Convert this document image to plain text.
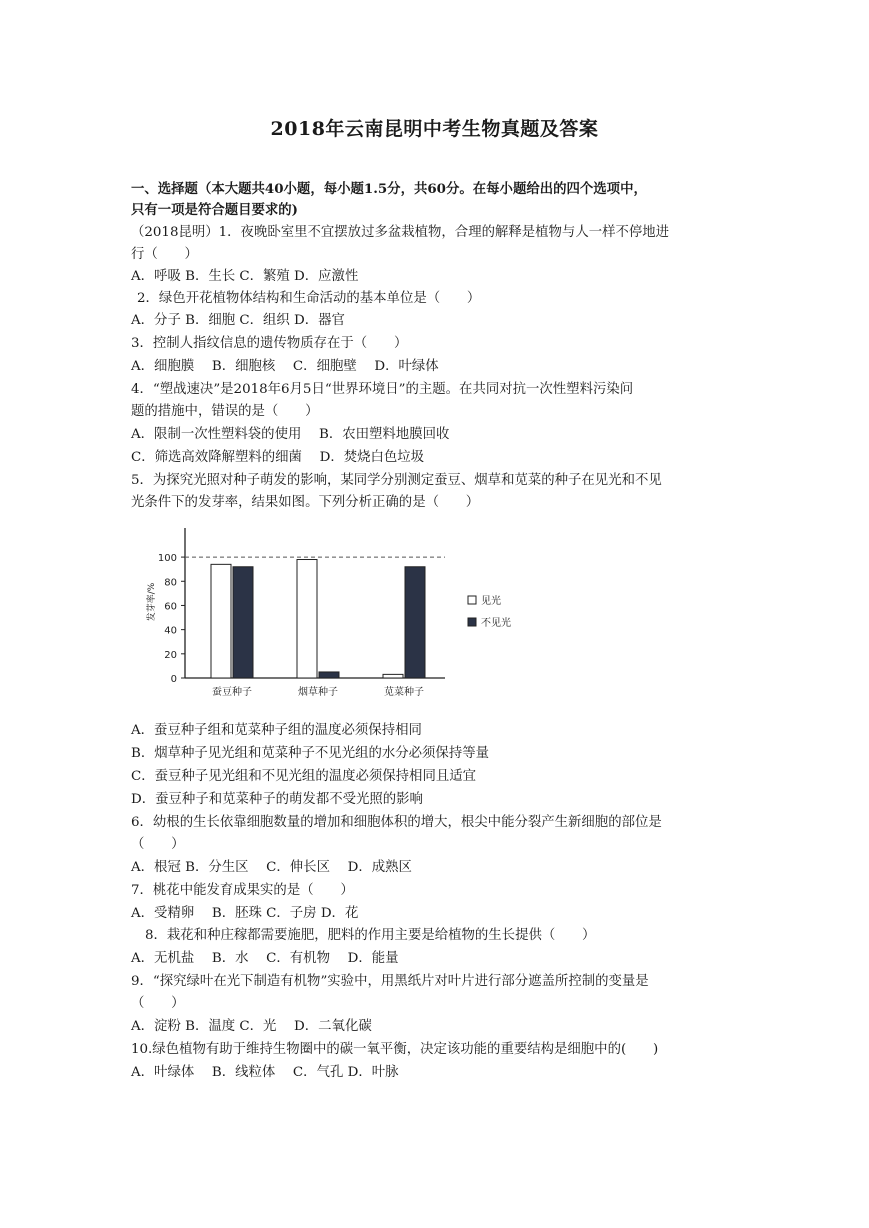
2018年云南昆明中考生物真题及答案
一、选择题（本大题共40小题，每小题1.5分，共60分。在每小题给出的四个选项中，
只有一项是符合题目要求的)
（2018昆明）1．夜晚卧室里不宜摆放过多盆栽植物，合理的解释是植物与人一样不停地进
行（　　）
A．呼吸 B．生长 C．繁殖 D．应激性
2．绿色开花植物体结构和生命活动的基本单位是（　　）
A．分子 B．细胞 C．组织 D．器官
3．控制人指纹信息的遗传物质存在于（　　）
A．细胞膜　 B．细胞核　 C．细胞壁　 D．叶绿体
4．“塑战速决”是2018年6月5日“世界环境日”的主题。在共同对抗一次性塑料污染问
题的措施中，错误的是（　　）
A．限制一次性塑料袋的使用　 B．农田塑料地膜回收
C．筛选高效降解塑料的细菌　 D．焚烧白色垃圾
5．为探究光照对种子萌发的影响，某同学分别测定蚕豆、烟草和苋菜的种子在见光和不见
光条件下的发芽率，结果如图。下列分析正确的是（　　）
0
20
40
60
80
100
发芽率/%
蚕豆种子	烟草种子	苋菜种子
见光
不见光
A．蚕豆种子组和苋菜种子组的温度必须保持相同
B．烟草种子见光组和苋菜种子不见光组的水分必须保持等量
C．蚕豆种子见光组和不见光组的温度必须保持相同且适宜
D．蚕豆种子和苋菜种子的萌发都不受光照的影响
6．幼根的生长依靠细胞数量的增加和细胞体积的增大，根尖中能分裂产生新细胞的部位是
（　　）
A．根冠 B．分生区　 C．伸长区　 D．成熟区
7．桃花中能发育成果实的是（　　）
A．受精卵　 B．胚珠 C．子房 D．花
8．栽花和种庄稼都需要施肥，肥料的作用主要是给植物的生长提供（　　）
A．无机盐　 B．水　 C．有机物　 D．能量
9．“探究绿叶在光下制造有机物”实验中，用黑纸片对叶片进行部分遮盖所控制的变量是
（　　）
A．淀粉 B．温度 C．光　 D．二氧化碳
10.绿色植物有助于维持生物圈中的碳一氧平衡，决定该功能的重要结构是细胞中的(　　)
A．叶绿体　 B．线粒体　 C．气孔 D．叶脉
